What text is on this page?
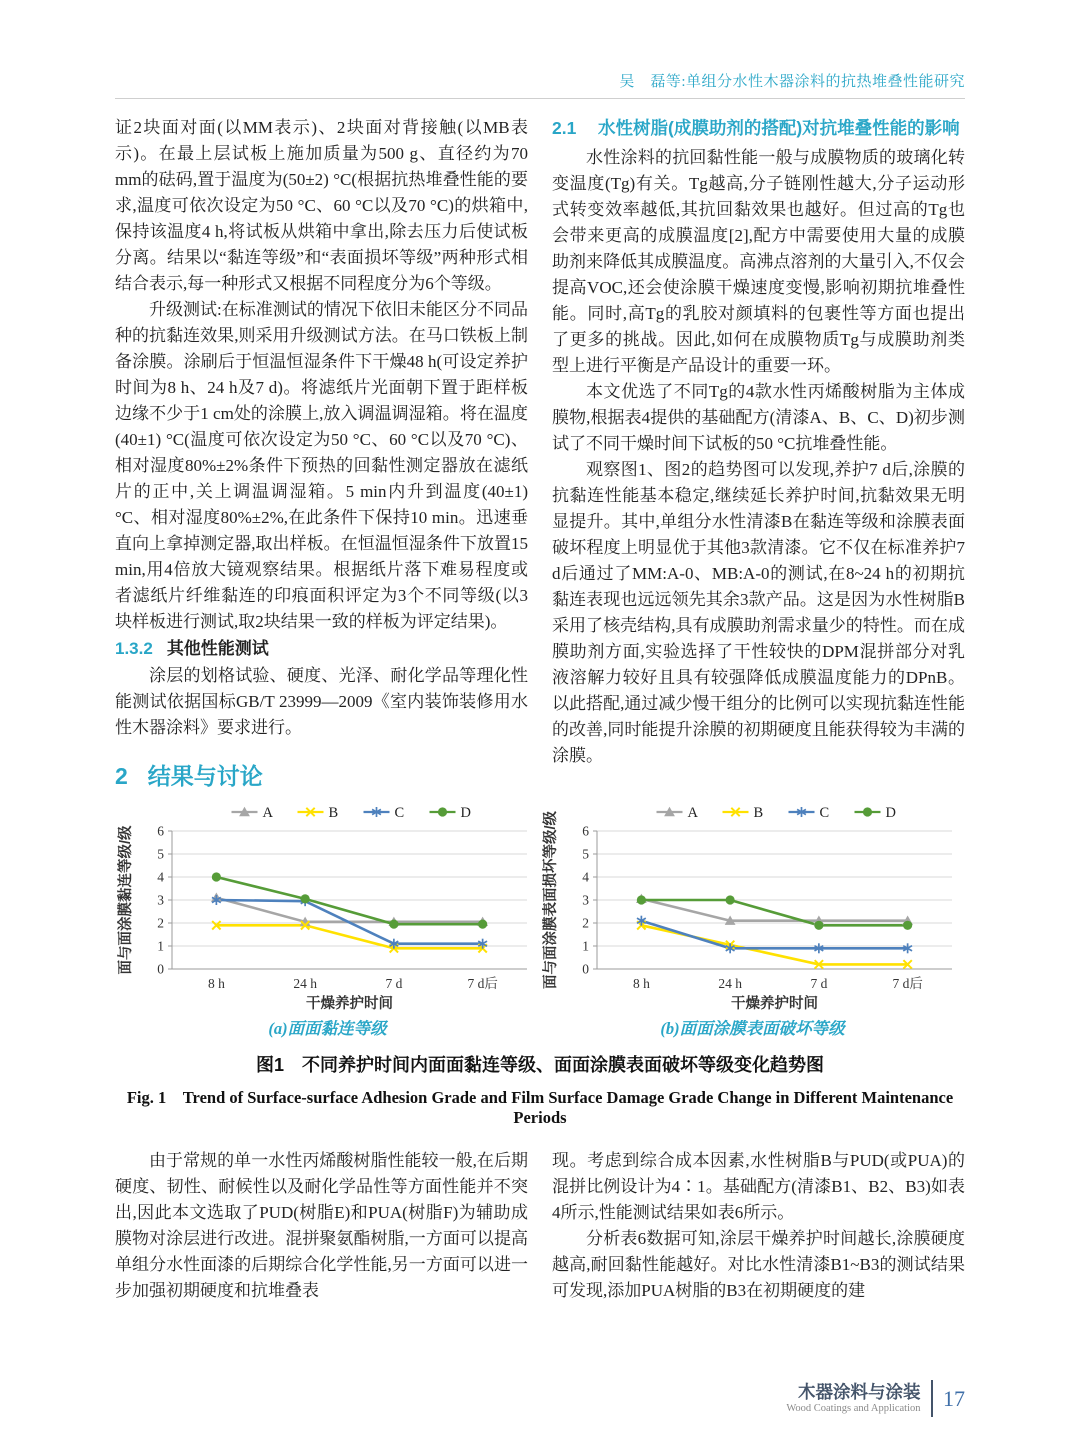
吴　磊等:单组分水性木器涂料的抗热堆叠性能研究

证2块面对面(以MM表示)、2块面对背接触(以MB表示)。在最上层试板上施加质量为500 g、直径约为70 mm的砝码,置于温度为(50±2) °C(根据抗热堆叠性能的要求,温度可依次设定为50 °C、60 °C以及70 °C)的烘箱中,保持该温度4 h,将试板从烘箱中拿出,除去压力后使试板分离。结果以“黏连等级”和“表面损坏等级”两种形式相结合表示,每一种形式又根据不同程度分为6个等级。

升级测试:在标准测试的情况下依旧未能区分不同品种的抗黏连效果,则采用升级测试方法。在马口铁板上制备涂膜。涂刷后于恒温恒湿条件下干燥48 h(可设定养护时间为8 h、24 h及7 d)。将滤纸片光面朝下置于距样板边缘不少于1 cm处的涂膜上,放入调温调湿箱。将在温度(40±1) °C(温度可依次设定为50 °C、60 °C以及70 °C)、相对湿度80%±2%条件下预热的回黏性测定器放在滤纸片的正中,关上调温调湿箱。5 min内升到温度(40±1) °C、相对湿度80%±2%,在此条件下保持10 min。迅速垂直向上拿掉测定器,取出样板。在恒温恒湿条件下放置15 min,用4倍放大镜观察结果。根据纸片落下难易程度或者滤纸片纤维黏连的印痕面积评定为3个不同等级(以3块样板进行测试,取2块结果一致的样板为评定结果)。

1.3.2 其他性能测试

涂层的划格试验、硬度、光泽、耐化学品等理化性能测试依据国标GB/T 23999—2009《室内装饰装修用水性木器涂料》要求进行。

2 结果与讨论
2.1	水性树脂(成膜助剂的搭配)对抗堆叠性能的影响

水性涂料的抗回黏性能一般与成膜物质的玻璃化转变温度(Tg)有关。Tg越高,分子链刚性越大,分子运动形式转变效率越低,其抗回黏效果也越好。但过高的Tg也会带来更高的成膜温度[2],配方中需要使用大量的成膜助剂来降低其成膜温度。高沸点溶剂的大量引入,不仅会提高VOC,还会使涂膜干燥速度变慢,影响初期抗堆叠性能。同时,高Tg的乳胶对颜填料的包裹性等方面也提出了更多的挑战。因此,如何在成膜物质Tg与成膜助剂类型上进行平衡是产品设计的重要一环。

本文优选了不同Tg的4款水性丙烯酸树脂为主体成膜物,根据表4提供的基础配方(清漆A、B、C、D)初步测试了不同干燥时间下试板的50 °C抗堆叠性能。

观察图1、图2的趋势图可以发现,养护7 d后,涂膜的抗黏连性能基本稳定,继续延长养护时间,抗黏效果无明显提升。其中,单组分水性清漆B在黏连等级和涂膜表面破坏程度上明显优于其他3款清漆。它不仅在标准养护7 d后通过了MM:A-0、MB:A-0的测试,在8~24 h的初期抗黏连表现也远远领先其余3款产品。这是因为水性树脂B采用了核壳结构,具有成膜助剂需求量少的特性。而在成膜助剂方面,实验选择了干性较快的DPM混拼部分对乳液溶解力较好且具有较强降低成膜温度能力的DPnB。以此搭配,通过减少慢干组分的比例可以实现抗黏连性能的改善,同时能提升涂膜的初期硬度且能获得较为丰满的涂膜。

0
1
2
3
4
5
6
8 h	24 h	7 d	7 d后
干燥养护时间
面与面涂膜黏连等级/级
A	B	C	D
(a)面面黏连等级
0
1
2
3
4
5
6
8 h	24 h	7 d	7 d后
干燥养护时间
面与面涂膜表面损坏等级/级	A	B	C	D
(b)面面涂膜表面破坏等级
图1　不同养护时间内面面黏连等级、面面涂膜表面破坏等级变化趋势图
Fig. 1　Trend of Surface-surface Adhesion Grade and Film Surface Damage Grade Change in Different Maintenance Periods

由于常规的单一水性丙烯酸树脂性能较一般,在后期硬度、韧性、耐候性以及耐化学品性等方面性能并不突出,因此本文选取了PUD(树脂E)和PUA(树脂F)为辅助成膜物对涂层进行改进。混拼聚氨酯树脂,一方面可以提高单组分水性面漆的后期综合化学性能,另一方面可以进一步加强初期硬度和抗堆叠表

现。考虑到综合成本因素,水性树脂B与PUD(或PUA)的混拼比例设计为4∶1。基础配方(清漆B1、B2、B3)如表4所示,性能测试结果如表6所示。

分析表6数据可知,涂层干燥养护时间越长,涂膜硬度越高,耐回黏性能越好。对比水性清漆B1~B3的测试结果可发现,添加PUA树脂的B3在初期硬度的建

木器涂料与涂装
Wood Coatings and Application 17
